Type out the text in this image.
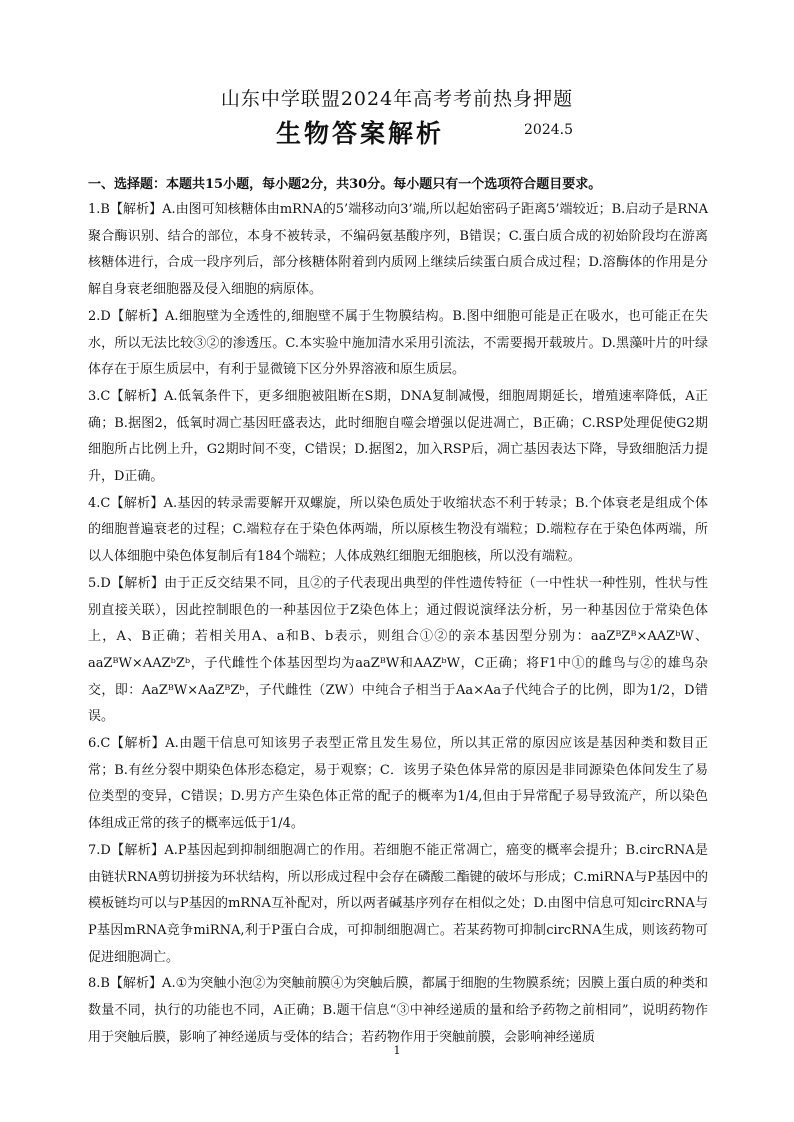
山东中学联盟2024年高考考前热身押题
生物答案解析	2024.5
一、选择题：本题共15小题，每小题2分，共30分。每小题只有一个选项符合题目要求。

1.B【解析】A.由图可知核糖体由mRNA的5’端移动向3’端,所以起始密码子距离5’端较近；B.启动子是RNA 聚合酶识别、结合的部位，本身不被转录，不编码氨基酸序列，B错误；C.蛋白质合成的初始阶段均在游离核糖体进行，合成一段序列后，部分核糖体附着到内质网上继续后续蛋白质合成过程；D.溶酶体的作用是分解自身衰老细胞器及侵入细胞的病原体。

2.D【解析】A.细胞壁为全透性的,细胞壁不属于生物膜结构。B.图中细胞可能是正在吸水，也可能正在失水，所以无法比较③②的渗透压。C.本实验中施加清水采用引流法，不需要揭开载玻片。D.黑藻叶片的叶绿体存在于原生质层中，有利于显微镜下区分外界溶液和原生质层。

3.C【解析】A.低氧条件下，更多细胞被阻断在S期，DNA复制减慢，细胞周期延长，增殖速率降低，A正确；B.据图2，低氧时凋亡基因旺盛表达，此时细胞自噬会增强以促进凋亡，B正确；C.RSP处理促使G2期细胞所占比例上升，G2期时间不变，C错误；D.据图2，加入RSP后，凋亡基因表达下降，导致细胞活力提升，D正确。

4.C【解析】A.基因的转录需要解开双螺旋，所以染色质处于收缩状态不利于转录；B.个体衰老是组成个体的细胞普遍衰老的过程；C.端粒存在于染色体两端，所以原核生物没有端粒；D.端粒存在于染色体两端，所以人体细胞中染色体复制后有184个端粒；人体成熟红细胞无细胞核，所以没有端粒。

5.D【解析】由于正反交结果不同，且②的子代表现出典型的伴性遗传特征（一中性状一种性别，性状与性别直接关联），因此控制眼色的一种基因位于Z染色体上；通过假说演绎法分析，另一种基因位于常染色体上，A、B正确；若相关用A、a和B、b表示，则组合①②的亲本基因型分别为：aaZᴮZᴮ×AAZᵇW、aaZᴮW×AAZᵇZᵇ，子代雌性个体基因型均为aaZᴮW和AAZᵇW，C正确；将F1中①的雌鸟与②的雄鸟杂交，即：AaZᴮW×AaZᴮZᵇ，子代雌性（ZW）中纯合子相当于Aa×Aa子代纯合子的比例，即为1/2，D错误。

6.C【解析】A.由题干信息可知该男子表型正常且发生易位，所以其正常的原因应该是基因种类和数目正常；B.有丝分裂中期染色体形态稳定，易于观察；C．该男子染色体异常的原因是非同源染色体间发生了易位类型的变异，C错误；D.男方产生染色体正常的配子的概率为1/4,但由于异常配子易导致流产，所以染色体组成正常的孩子的概率远低于1/4。

7.D【解析】A.P基因起到抑制细胞凋亡的作用。若细胞不能正常凋亡，癌变的概率会提升；B.circRNA是由链状RNA剪切拼接为环状结构，所以形成过程中会存在磷酸二酯键的破坏与形成；C.miRNA与P基因中的模板链均可以与P基因的mRNA互补配对，所以两者碱基序列存在相似之处；D.由图中信息可知circRNA与P基因mRNA竞争miRNA,利于P蛋白合成，可抑制细胞凋亡。若某药物可抑制circRNA生成，则该药物可促进细胞凋亡。

8.B【解析】A.①为突触小泡②为突触前膜④为突触后膜，都属于细胞的生物膜系统；因膜上蛋白质的种类和数量不同，执行的功能也不同，A正确；B.题干信息“③中神经递质的量和给予药物之前相同”，说明药物作用于突触后膜，影响了神经递质与受体的结合；若药物作用于突触前膜，会影响神经递质

1
